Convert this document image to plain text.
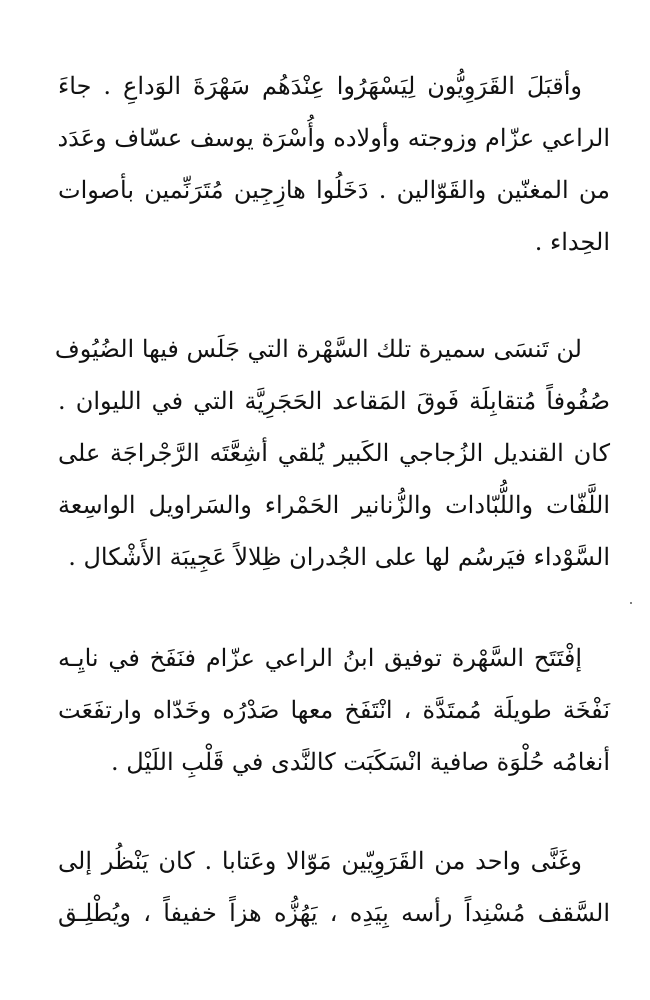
وأقبَلَ القَرَوِيُّون لِيَسْهَرُوا عِنْدَهُم سَهْرَةَ الوَداعِ . جاءَ
الراعي عزّام وزوجته وأولاده وأُسْرَة يوسف عسّاف وعَدَد
من المغنّين والقَوّالين . دَخَلُوا هازِجِين مُتَرَنِّمين بأصوات
الحِداء .
لن تَنسَى سميرة تلك السَّهْرة التي جَلَس فيها الضُيُوف
صُفُوفاً مُتقابِلَة فَوقَ المَقاعد الحَجَرِيَّة التي في الليوان .
كان القنديل الزُجاجي الكَبير يُلقي أشِعَّتَه الرَّجْراجَة على
اللَّفّات واللُّبّادات والزُّنانير الحَمْراء والسَراويل الواسِعة
السَّوْداء فيَرسُم لها على الجُدران ظِلالاً عَجِيبَة الأَشْكال .
إفْتَتَح السَّهْرة توفيق ابنُ الراعي عزّام فنَفَخ في نايِـه
نَفْخَة طويلَة مُمتَدَّة ، انْتَفَخ معها صَدْرُه وخَدّاه وارتفَعَت
أنغامُه حُلْوَة صافية انْسَكَبَت كالنَّدى في قَلْبِ اللَيْل .
وغَنَّى واحد من القَرَوِيّين مَوّالا وعَتابا . كان يَنْظُر إلى
السَّقف مُسْنِداً رأسه بِيَدِه ، يَهُزُّه هزاً خفيفاً ، ويُطْلِـق
